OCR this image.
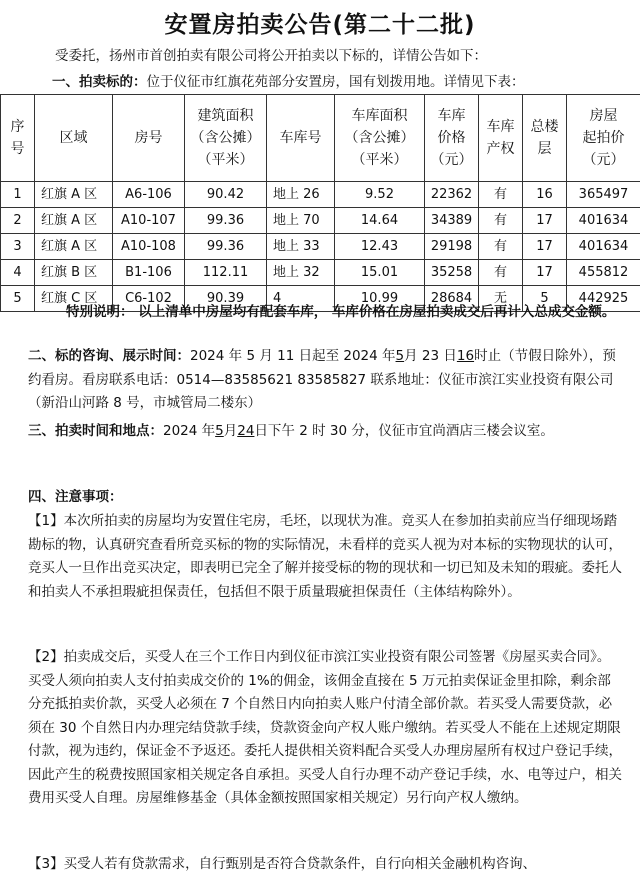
安置房拍卖公告(第二十二批)
受委托，扬州市首创拍卖有限公司将公开拍卖以下标的，详情公告如下：
一、拍卖标的：位于仪征市红旗花苑部分安置房，国有划拨用地。详情见下表：
序
号	区域	房号	建筑面积
（含公摊）
（平米）	车库号	车库面积
（含公摊）
（平米）	车库
价格
（元）	车库
产权	总楼
层	房屋
起拍价
（元）
1	红旗 A 区	A6-106	90.42	地上 26	9.52	22362	有	16	365497
2	红旗 A 区	A10-107	99.36	地上 70	14.64	34389	有	17	401634
3	红旗 A 区	A10-108	99.36	地上 33	12.43	29198	有	17	401634
4	红旗 B 区	B1-106	112.11	地上 32	15.01	35258	有	17	455812
5	红旗 C 区	C6-102	90.39	4	10.99	28684	无	5	442925
特别说明： 以上清单中房屋均有配套车库， 车库价格在房屋拍卖成交后再计入总成交金额。
二、标的咨询、展示时间：2024 年 5 月 11 日起至 2024 年5月 23 日16时止（节假日除外），预约看房。看房联系电话：0514—83585621 83585827 联系地址：仪征市滨江实业投资有限公司（新沿山河路 8 号，市城管局二楼东）
三、拍卖时间和地点：2024 年5月24日下午 2 时 30 分，仪征市宜尚酒店三楼会议室。
四、注意事项：
【1】本次所拍卖的房屋均为安置住宅房，毛坯，以现状为准。竞买人在参加拍卖前应当仔细现场踏勘标的物，认真研究查看所竞买标的物的实际情况，未看样的竞买人视为对本标的实物现状的认可，竞买人一旦作出竞买决定，即表明已完全了解并接受标的物的现状和一切已知及未知的瑕疵。委托人和拍卖人不承担瑕疵担保责任，包括但不限于质量瑕疵担保责任（主体结构除外）。
【2】拍卖成交后，买受人在三个工作日内到仪征市滨江实业投资有限公司签署《房屋买卖合同》。买受人须向拍卖人支付拍卖成交价的 1%的佣金，该佣金直接在 5 万元拍卖保证金里扣除，剩余部分充抵拍卖价款，买受人必须在 7 个自然日内向拍卖人账户付清全部价款。若买受人需要贷款，必须在 30 个自然日内办理完结贷款手续，贷款资金向产权人账户缴纳。若买受人不能在上述规定期限付款，视为违约，保证金不予返还。委托人提供相关资料配合买受人办理房屋所有权过户登记手续，因此产生的税费按照国家相关规定各自承担。买受人自行办理不动产登记手续，水、电等过户，相关费用买受人自理。房屋维修基金（具体金额按照国家相关规定）另行向产权人缴纳。
【3】买受人若有贷款需求，自行甄别是否符合贷款条件，自行向相关金融机构咨询、
